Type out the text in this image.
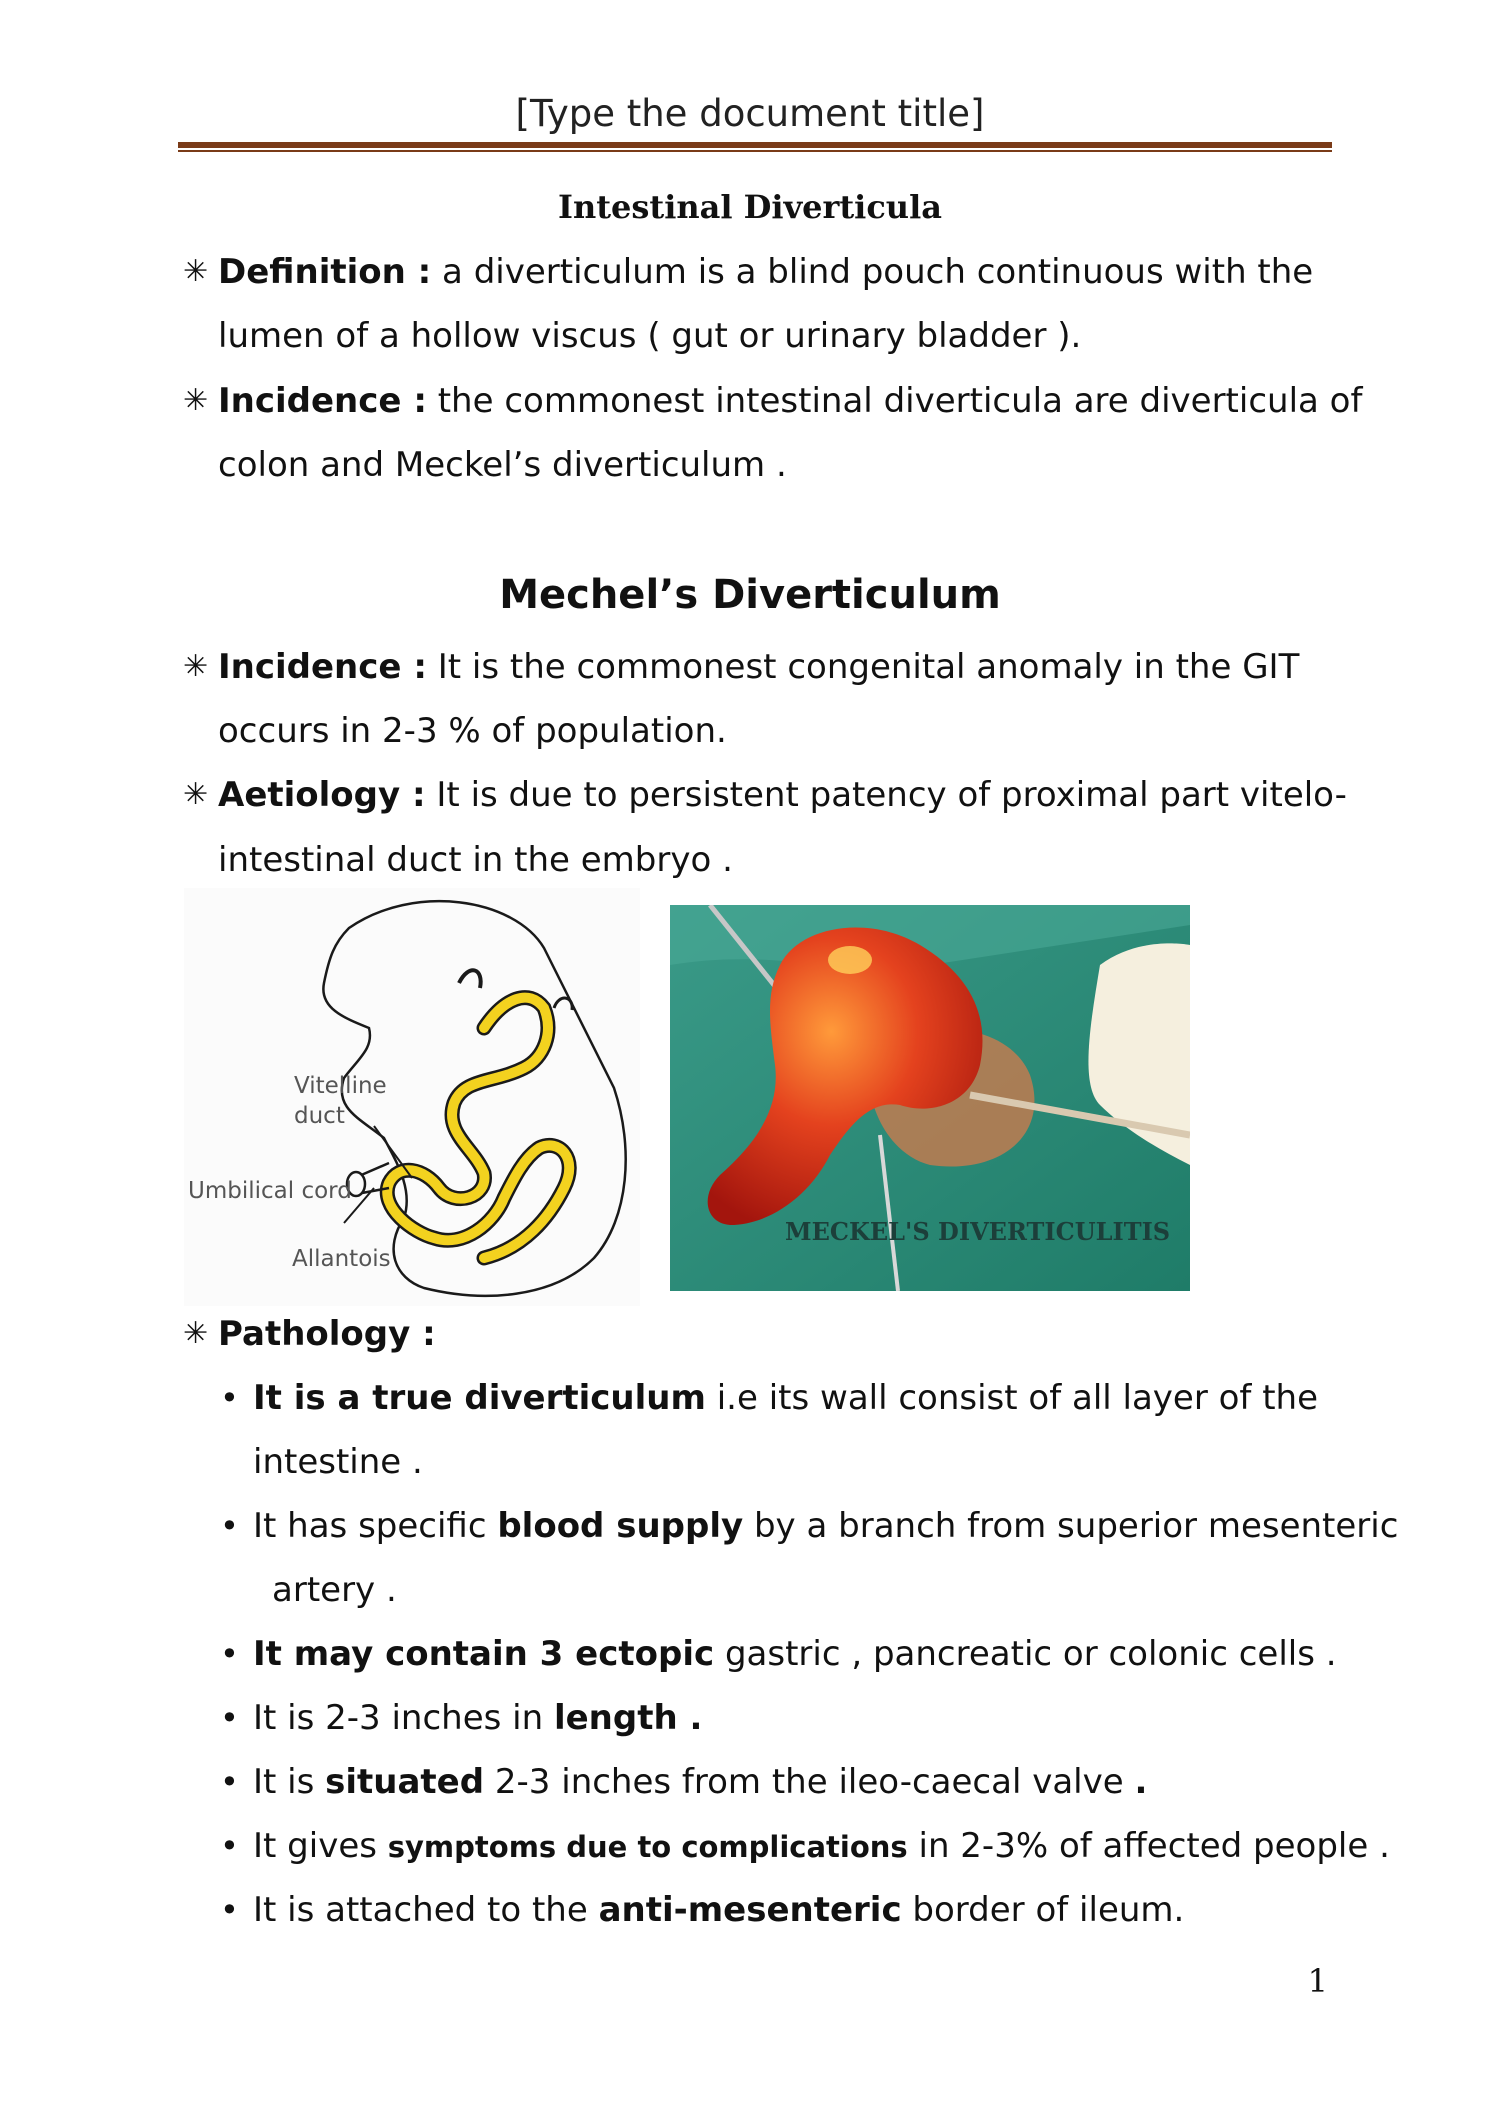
[Type the document title]
Intestinal Diverticula
✳ Definition : a diverticulum is a blind pouch continuous with the
lumen of a hollow viscus ( gut or urinary bladder ).
✳ Incidence : the commonest intestinal diverticula are diverticula of
colon and Meckel’s diverticulum .
Mechel’s Diverticulum
✳ Incidence : It is the commonest congenital anomaly in the GIT
occurs in 2-3 % of population.
✳ Aetiology : It is due to persistent patency of proximal part vitelo-
intestinal duct in the embryo .
Vitelline
duct
Umbilical cord
Allantois
MECKEL'S DIVERTICULITIS
✳ Pathology :
• It is a true diverticulum i.e its wall consist of all layer of the
intestine .
• It has specific blood supply by a branch from superior mesenteric
artery .
• It may contain 3 ectopic gastric , pancreatic or colonic cells .
• It is 2-3 inches in length .
• It is situated 2-3 inches from the ileo-caecal valve .
• It gives symptoms due to complications in 2-3% of affected people .
• It is attached to the anti-mesenteric border of ileum.
1
